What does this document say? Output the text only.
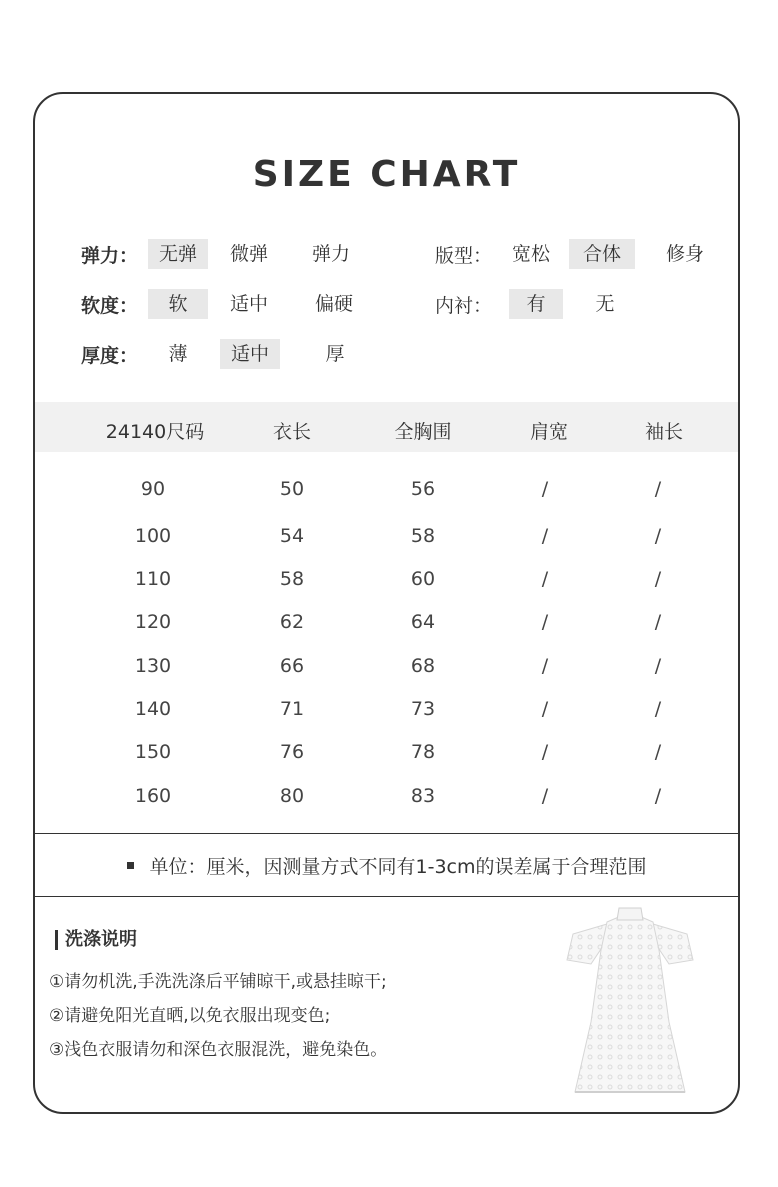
SIZE CHART
弹力：	无弹	微弹	弹力	版型：	宽松	合体	修身
软度：	软	适中	偏硬	内衬：	有	无
厚度：	薄	适中	厚
24140尺码	衣长	全胸围	肩宽	袖长
90	50	56	/	/
100	54	58	/	/
110	58	60	/	/
120	62	64	/	/
130	66	68	/	/
140	71	73	/	/
150	76	78	/	/
160	80	83	/	/
单位：厘米，因测量方式不同有1-3cm的误差属于合理范围
洗涤说明
①请勿机洗,手洗洗涤后平铺晾干,或悬挂晾干;
②请避免阳光直晒,以免衣服出现变色;
③浅色衣服请勿和深色衣服混洗，避免染色。
